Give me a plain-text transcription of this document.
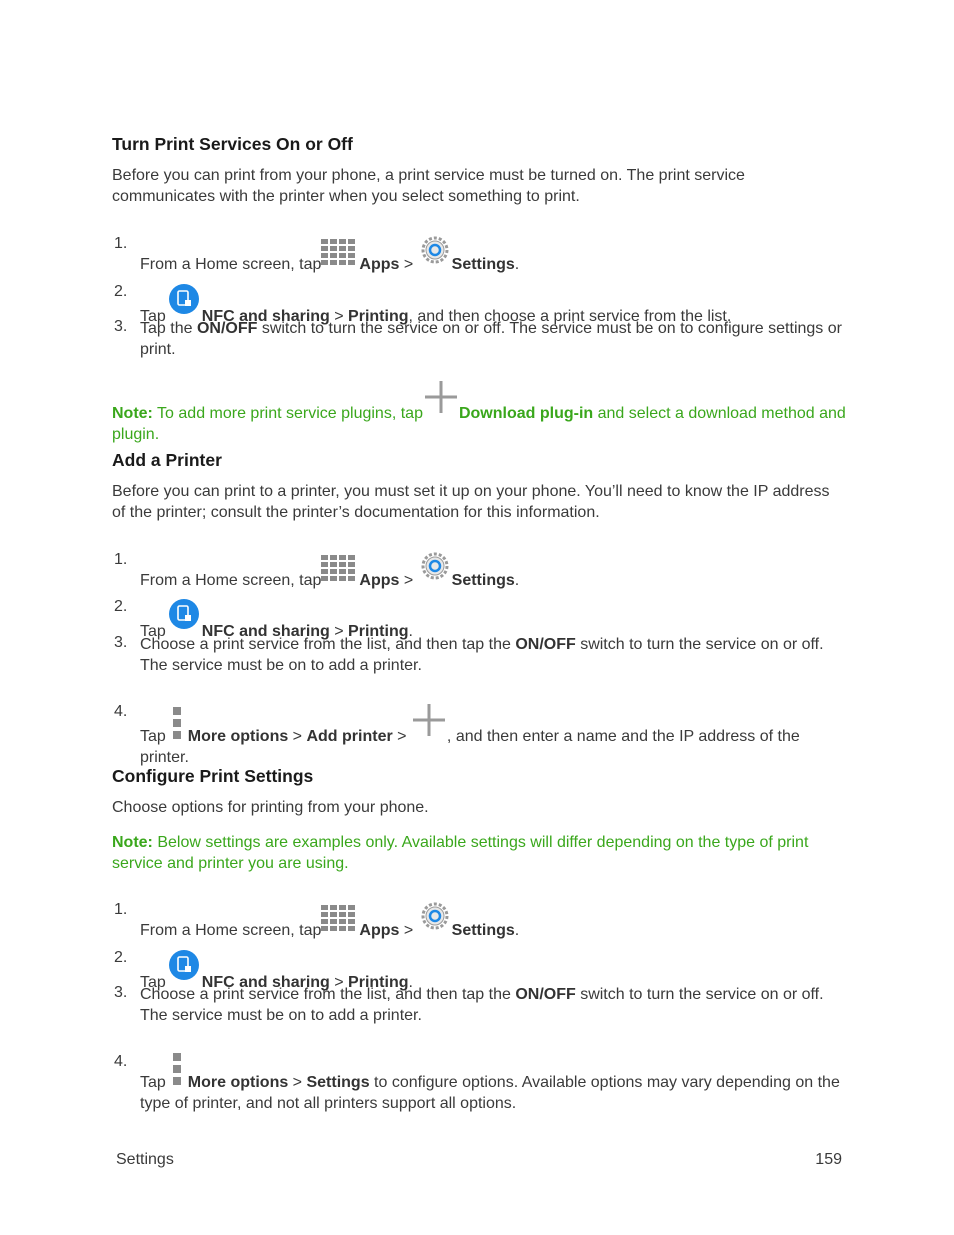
Turn Print Services On or Off
Before you can print from your phone, a print service must be turned on. The print service communicates with the printer when you select something to print.
1.
From a Home screen, tap Apps > Settings.
2.
Tap NFC and sharing > Printing, and then choose a print service from the list.
3. Tap the ON/OFF switch to turn the service on or off. The service must be on to configure settings or print.
Note: To add more print service plugins, tap Download plug-in and select a download method and plugin.
Add a Printer
Before you can print to a printer, you must set it up on your phone. You’ll need to know the IP address of the printer; consult the printer’s documentation for this information.
1.
From a Home screen, tap Apps > Settings.
2.
Tap NFC and sharing > Printing.
3. Choose a print service from the list, and then tap the ON/OFF switch to turn the service on or off. The service must be on to add a printer.
4.
Tap More options > Add printer > , and then enter a name and the IP address of the printer.
Configure Print Settings
Choose options for printing from your phone.
Note: Below settings are examples only. Available settings will differ depending on the type of print service and printer you are using.
1.
From a Home screen, tap Apps > Settings.
2.
Tap NFC and sharing > Printing.
3. Choose a print service from the list, and then tap the ON/OFF switch to turn the service on or off. The service must be on to add a printer.
4.
Tap More options > Settings to configure options. Available options may vary depending on the type of printer, and not all printers support all options.
Settings	159
